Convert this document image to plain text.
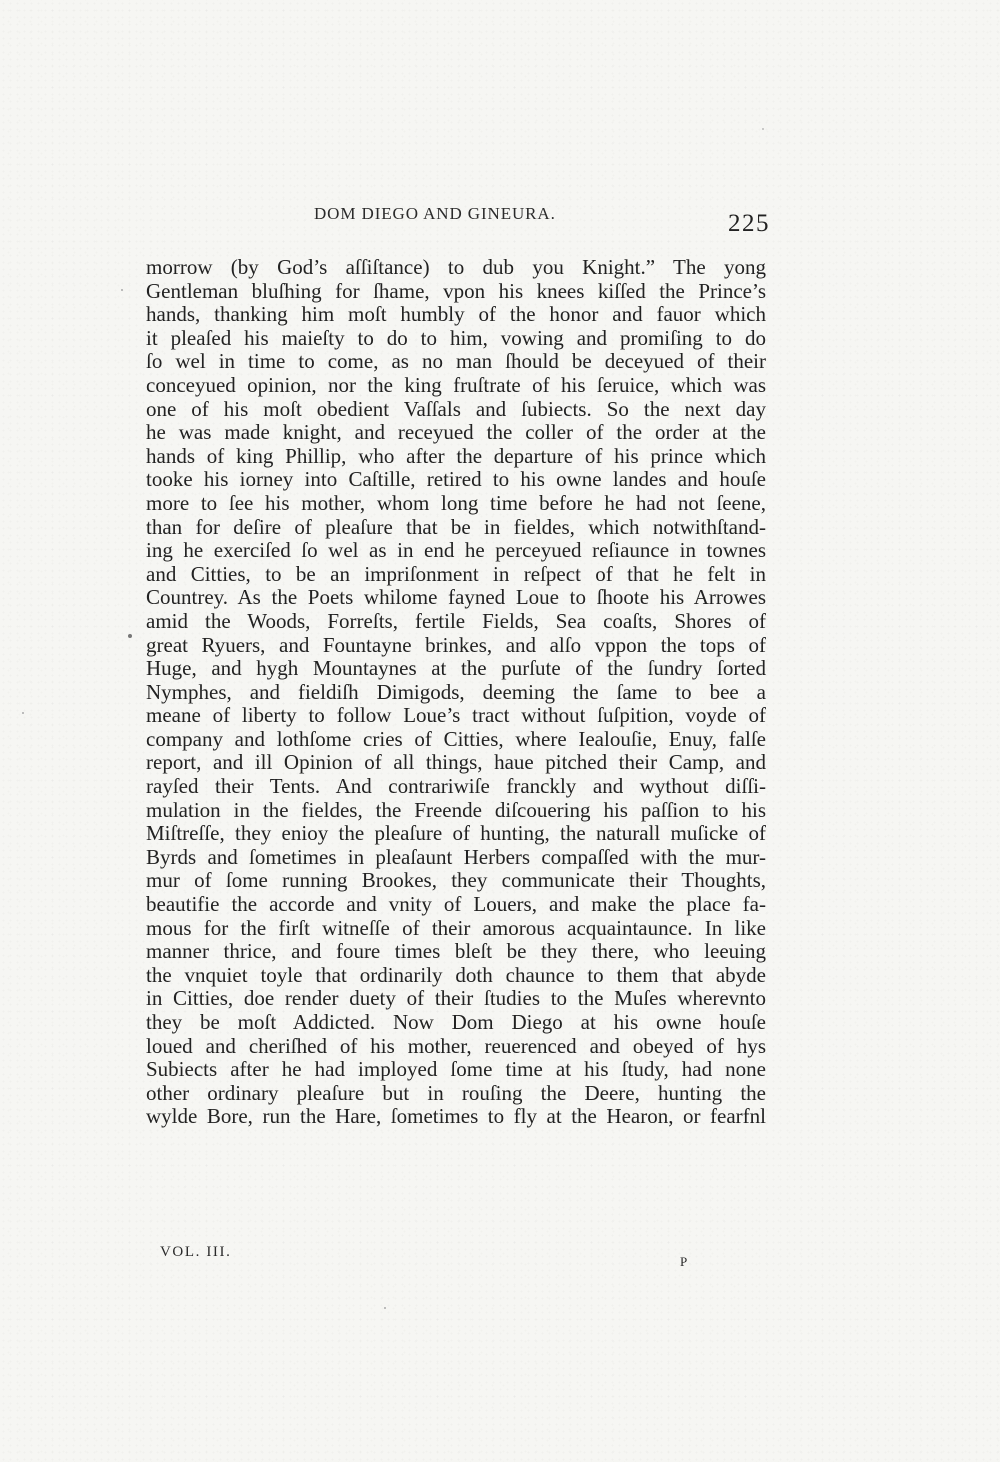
DOM DIEGO AND GINEURA.	225
morrow (by God’s aſſiſtance) to dub you Knight.” The yong
Gentleman bluſhing for ſhame, vpon his knees kiſſed the Prince’s
hands, thanking him moſt humbly of the honor and fauor which
it pleaſed his maieſty to do to him, vowing and promiſing to do
ſo wel in time to come, as no man ſhould be deceyued of their
conceyued opinion, nor the king fruſtrate of his ſeruice, which was
one of his moſt obedient Vaſſals and ſubiects. So the next day
he was made knight, and receyued the coller of the order at the
hands of king Phillip, who after the departure of his prince which
tooke his iorney into Caſtille, retired to his owne landes and houſe
more to ſee his mother, whom long time before he had not ſeene,
than for deſire of pleaſure that be in fieldes, which notwithſtand-
ing he exerciſed ſo wel as in end he perceyued reſiaunce in townes
and Citties, to be an impriſonment in reſpect of that he felt in
Countrey. As the Poets whilome fayned Loue to ſhoote his Arrowes
amid the Woods, Forreſts, fertile Fields, Sea coaſts, Shores of
great Ryuers, and Fountayne brinkes, and alſo vppon the tops of
Huge, and hygh Mountaynes at the purſute of the ſundry ſorted
Nymphes, and fieldiſh Dimigods, deeming the ſame to bee a
meane of liberty to follow Loue’s tract without ſuſpition, voyde of
company and lothſome cries of Citties, where Iealouſie, Enuy, falſe
report, and ill Opinion of all things, haue pitched their Camp, and
rayſed their Tents. And contrariwiſe franckly and wythout diſſi-
mulation in the fieldes, the Freende diſcouering his paſſion to his
Miſtreſſe, they enioy the pleaſure of hunting, the naturall muſicke of
Byrds and ſometimes in pleaſaunt Herbers compaſſed with the mur-
mur of ſome running Brookes, they communicate their Thoughts,
beautifie the accorde and vnity of Louers, and make the place fa-
mous for the firſt witneſſe of their amorous acquaintaunce. In like
manner thrice, and foure times bleſt be they there, who leeuing
the vnquiet toyle that ordinarily doth chaunce to them that abyde
in Citties, doe render duety of their ſtudies to the Muſes wherevnto
they be moſt Addicted. Now Dom Diego at his owne houſe
loued and cheriſhed of his mother, reuerenced and obeyed of hys
Subiects after he had imployed ſome time at his ſtudy, had none
other ordinary pleaſure but in rouſing the Deere, hunting the
wylde Bore, run the Hare, ſometimes to fly at the Hearon, or fearfnl
VOL. III.
P
